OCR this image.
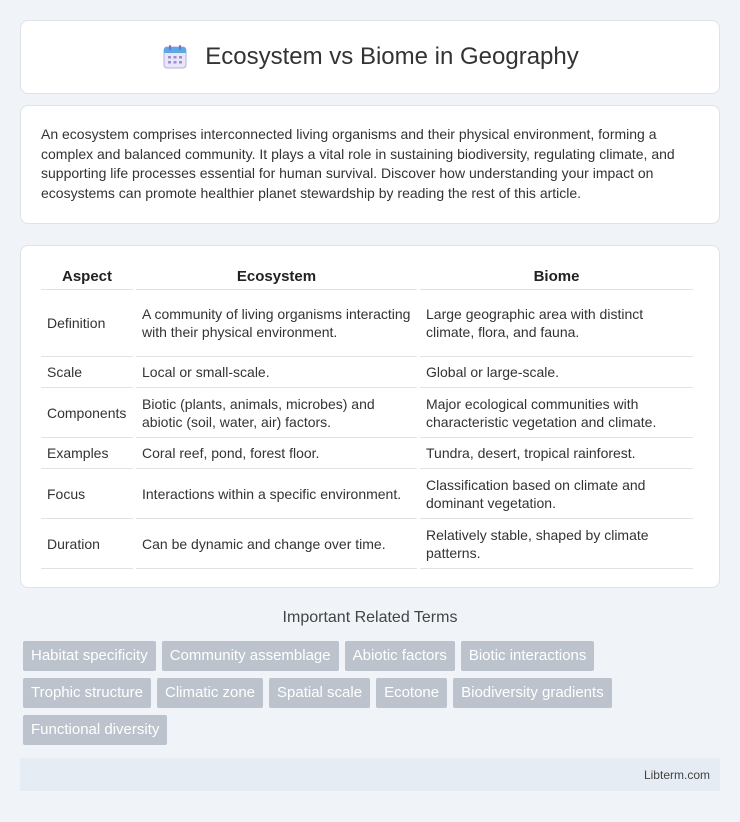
Ecosystem vs Biome in Geography

An ecosystem comprises interconnected living organisms and their physical environment, forming a complex and balanced community. It plays a vital role in sustaining biodiversity, regulating climate, and supporting life processes essential for human survival. Discover how understanding your impact on ecosystems can promote healthier planet stewardship by reading the rest of this article.

Aspect	Ecosystem	Biome
Definition	A community of living organisms interacting with their physical environment.	Large geographic area with distinct climate, flora, and fauna.
Scale	Local or small-scale.	Global or large-scale.
Components	Biotic (plants, animals, microbes) and abiotic (soil, water, air) factors.	Major ecological communities with characteristic vegetation and climate.
Examples	Coral reef, pond, forest floor.	Tundra, desert, tropical rainforest.
Focus	Interactions within a specific environment.	Classification based on climate and dominant vegetation.
Duration	Can be dynamic and change over time.	Relatively stable, shaped by climate patterns.
Important Related Terms
Habitat specificity	Community assemblage	Abiotic factors	Biotic interactions
Trophic structure	Climatic zone	Spatial scale	Ecotone	Biodiversity gradients
Functional diversity
Libterm.com
